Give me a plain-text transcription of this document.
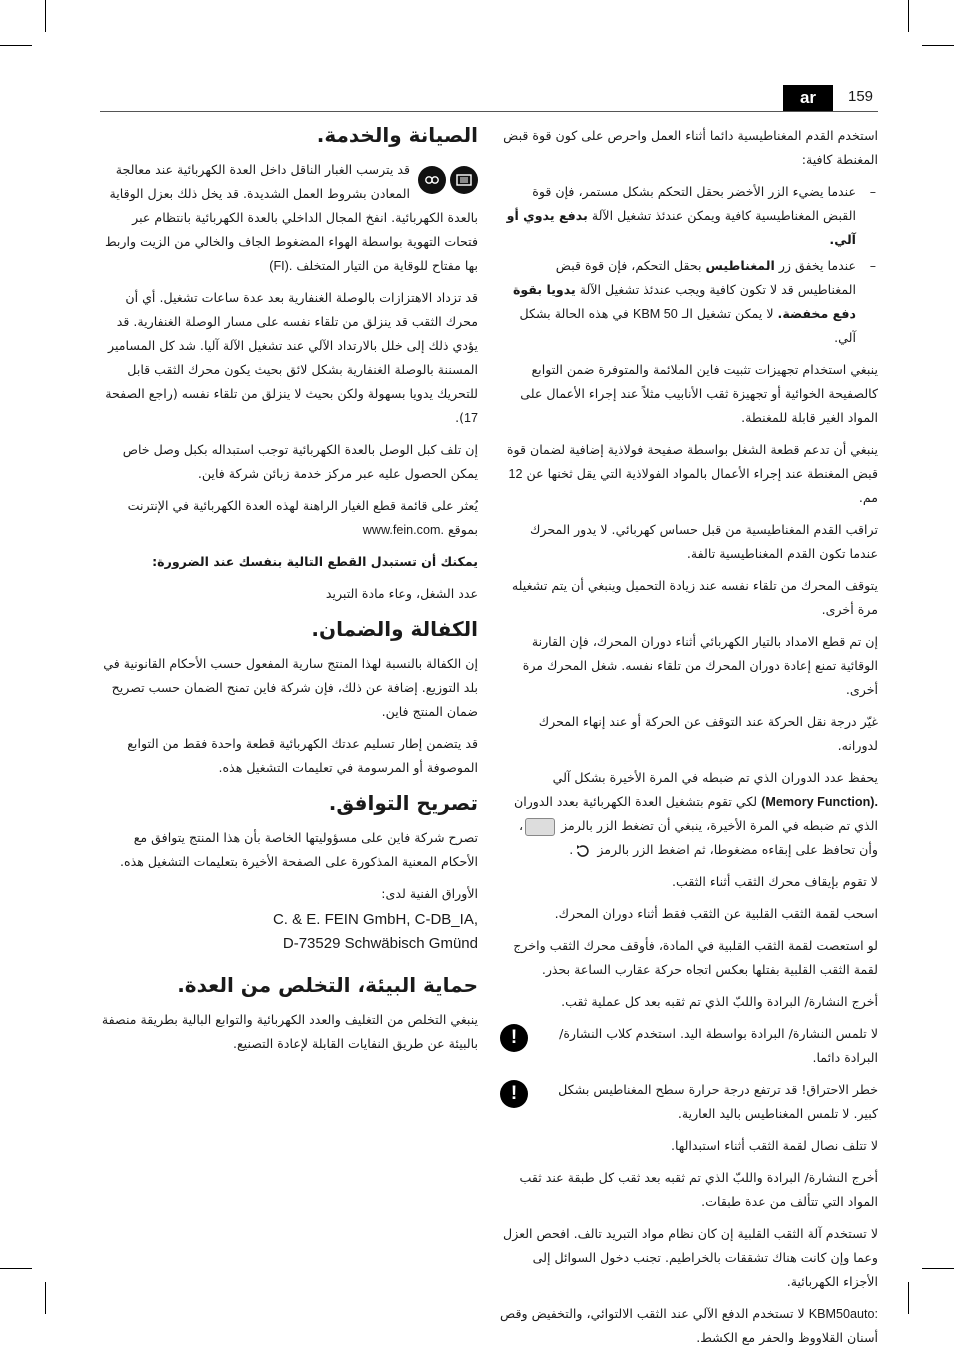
ar	159

استخدم القدم المغناطيسية دائما أثناء العمل واحرص على كون قوة قبض المغنطة كافية:

– عندما يضيء الزر الأخضر بحقل التحكم بشكل مستمر، فإن قوة القبض المغناطيسية كافية ويمكن عندئذ تشغيل الآلة بدفع يدوي أو آلي.
– عندما يخفق زر المغناطيس بحقل التحكم، فإن قوة قبض المغناطيس قد لا تكون كافية ويجب عندئذ تشغيل الآلة يدويا بقوة دفع مخفضة. لا يمكن تشغيل الـ KBM 50 في هذه الحالة بشكل آلي.

ينبغي استخدام تجهيزات تثبيت فاين الملائمة والمتوفرة ضمن التوابع كالصفيحة الخوائية أو تجهيزة ثقب الأنابيب مثلاً عند إجراء الأعمال على المواد الغير قابلة للمغنطة.

ينبغي أن تدعم قطعة الشغل بواسطة صفيحة فولاذية إضافية لضمان قوة قبض المغنطة عند إجراء الأعمال بالمواد الفولاذية التي يقل ثخنها عن 12 مم.

تراقب القدم المغناطيسية من قبل حساس كهربائي. لا يدور المحرك عندما تكون القدم المغناطيسية تالفة.

يتوقف المحرك من تلقاء نفسه عند زيادة التحميل وينبغي أن يتم تشغيله مرة أخرى.

إن تم قطع الامداد بالتيار الكهربائي أثناء دوران المحرك، فإن القارنة الوقائية تمنع إعادة دوران المحرك من تلقاء نفسه. شغل المحرك مرة أخرى.

غيّر درجة نقل الحركة عند التوقف عن الحركة أو عند إنهاء المحرك لدورانه.

يحفظ عدد الدوران الذي تم ضبطه في المرة الأخيرة بشكل آلي (Memory Function). لكي تقوم بتشغيل العدة الكهربائية بعدد الدوران الذي تم ضبطه في المرة الأخيرة، ينبغي أن تضغط الزر بالرمز ، وأن تحافظ على إبقاءه مضغوطا، ثم اضغط الزر بالرمز .

لا تقوم بإيقاف محرك الثقب أثناء الثقب.

اسحب لقمة الثقب القلبية عن الثقب فقط أثناء دوران المحرك.

لو استعصت لقمة الثقب القلبية في المادة، فأوقف محرك الثقب واخرج لقمة الثقب القلبية بفتلها بعكس اتجاه حركة عقارب الساعة بحذر.

أخرج النشارة/ البرادة واللبّ الذي تم ثقبه بعد كل عملية ثقب.

لا تلمس النشارة/ البرادة بواسطة اليد. استخدم كلاب النشارة/ البرادة دائما.

!

خطر الاحتراق! قد ترتفع درجة حرارة سطح المغناطيس بشكل كبير. لا تلمس المغناطيس باليد العارية.

!

لا تتلف نصال لقمة الثقب أثناء استبدالها.

أخرج النشارة/ البرادة واللبّ الذي تم ثقبه بعد ثقب كل طبقة عند ثقب المواد التي تتألف من عدة طبقات.

لا تستخدم آلة الثقب القلبية إن كان نظام مواد التبريد تالف. افحص العزل وعما وإن كانت هناك تشققات بالخراطيم. تجنب دخول السوائل إلى الأجزاء الكهربائية.

KBM50auto: لا تستخدم الدفع الآلي عند الثقب الالتوائي، والتخفيض وقص أسنان القلاووظ والحفر مع الكشط.

الصيانة والخدمة.

قد يترسب الغبار الناقل داخل العدة الكهربائية عند معالجة المعادن بشروط العمل الشديدة. قد يخل ذلك بعزل الوقاية بالعدة الكهربائية. انفخ المجال الداخلي بالعدة الكهربائية بانتظام عبر فتحات التهوية بواسطة الهواء المضغوط الجاف والخالي من الزيت واربط بها مفتاح للوقاية من التيار المتخلف (FI).

قد تزداد الاهتزازات بالوصلة الغنفارية بعد عدة ساعات تشغيل. أي أن محرك الثقب قد ينزلق من تلقاء نفسه على مسار الوصلة الغنفارية. قد يؤدي ذلك إلى خلل بالارتداد الآلي عند تشغيل الآلة آليا. شد كل المسامير المسننة بالوصلة الغنفارية بشكل لائق بحيث يكون محرك الثقب قابل للتحريك يدويا بسهولة ولكن بحيث لا ينزلق من تلقاء نفسه (راجع الصفحة 17).

إن تلف كبل الوصل بالعدة الكهربائية توجب استبداله بكبل وصل خاص يمكن الحصول عليه عبر مركز خدمة زبائن شركة فاين.

يُعثر على قائمة قطع الغيار الراهنة لهذه العدة الكهربائية في الإنترنت بموقع www.fein.com.

يمكنك أن تستبدل القطع التالية بنفسك عند الضرورة:

عدد الشغل، وعاء مادة التبريد

الكفالة والضمان.

إن الكفالة بالنسبة لهذا المنتج سارية المفعول حسب الأحكام القانونية في بلد التوزيع. إضافة عن ذلك، فإن شركة فاين تمنح الضمان حسب تصريح ضمان المنتج فاين.

قد يتضمن إطار تسليم عدتك الكهربائية قطعة واحدة فقط من التوابع الموصوفة أو المرسومة في تعليمات التشغيل هذه.

تصريح التوافق.

تصرح شركة فاين على مسؤوليتها الخاصة بأن هذا المنتج يتوافق مع الأحكام المعنية المذكورة على الصفحة الأخيرة بتعليمات التشغيل هذه.

الأوراق الفنية لدى:

C. & E. FEIN GmbH, C-DB_IA,
D-73529 Schwäbisch Gmünd
حماية البيئة، التخلص من العدة.

ينبغي التخلص من التغليف والعدد الكهربائية والتوابع البالية بطريقة منصفة بالبيئة عن طريق النفايات القابلة لإعادة التصنيع.
